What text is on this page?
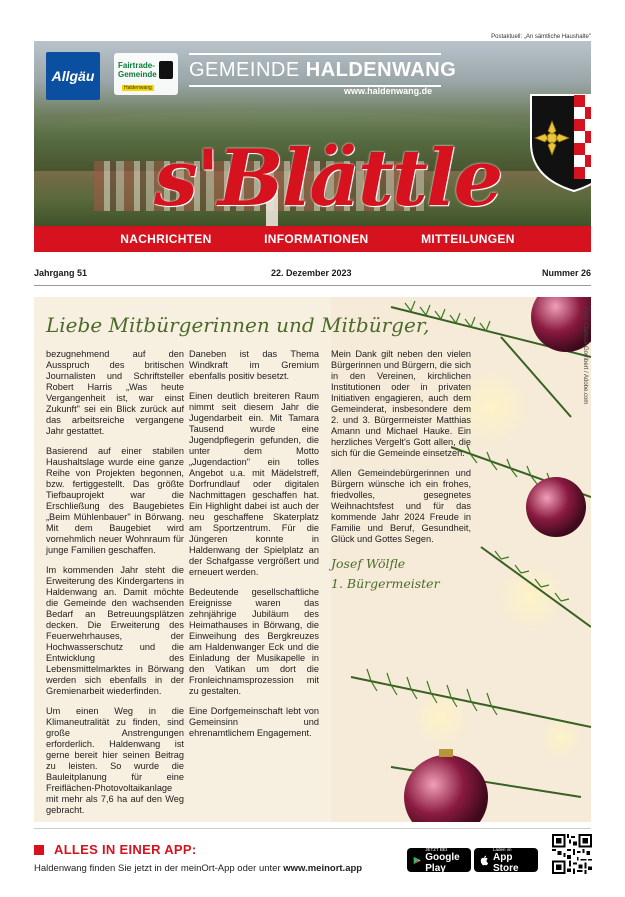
Postaktuell: „An sämtliche Haushalte"
Allgäu
Fairtrade-Gemeinde
Haldenwang
GEMEINDE HALDENWANG
www.haldenwang.de
s'Blättle
NACHRICHTEN	INFORMATIONEN	MITTEILUNGEN
Jahrgang 51	22. Dezember 2023	Nummer 26
Liebe Mitbürgerinnen und Mitbürger,	Foto: Clarissa-Gombert / Adobe.com

bezugnehmend auf den Ausspruch des britischen Journalisten und Schriftsteller Robert Harris „Was heute Vergangenheit ist, war einst Zukunft" sei ein Blick zurück auf das arbeitsreiche vergangene Jahr gestattet.

Basierend auf einer stabilen Haushaltslage wurde eine ganze Reihe von Projekten begonnen, bzw. fertiggestellt. Das größte Tiefbauprojekt war die Erschließung des Baugebietes „Beim Mühlenbauer" in Börwang. Mit dem Baugebiet wird vornehmlich neuer Wohnraum für junge Familien geschaffen.

Im kommenden Jahr steht die Erweiterung des Kindergartens in Haldenwang an. Damit möchte die Gemeinde den wachsenden Bedarf an Betreuungsplätzen decken. Die Erweiterung des Feuerwehrhauses, der Hochwasserschutz und die Entwicklung des Lebensmittelmarktes in Börwang werden sich ebenfalls in der Gremienarbeit wiederfinden.

Um einen Weg in die Klimaneutralität zu finden, sind große Anstrengungen erforderlich. Haldenwang ist gerne bereit hier seinen Beitrag zu leisten. So wurde die Bauleitplanung für eine Freiflächen-Photovoltaikanlage mit mehr als 7,6 ha auf den Weg gebracht.

Daneben ist das Thema Windkraft im Gremium ebenfalls positiv besetzt.

Einen deutlich breiteren Raum nimmt seit diesem Jahr die Jugendarbeit ein. Mit Tamara Tausend wurde eine Jugendpflegerin gefunden, die unter dem Motto „Jugendaction" ein tolles Angebot u.a. mit Mädelstreff, Dorfrundlauf oder digitalen Nachmittagen geschaffen hat. Ein Highlight dabei ist auch der neu geschaffene Skaterplatz am Sportzentrum. Für die Jüngeren konnte in Haldenwang der Spielplatz an der Schafgasse vergrößert und erneuert werden.

Bedeutende gesellschaftliche Ereignisse waren das zehnjährige Jubiläum des Heimathauses in Börwang, die Einweihung des Bergkreuzes am Haldenwanger Eck und die Einladung der Musikapelle in den Vatikan um dort die Fronleichnamsprozession mit zu gestalten.

Eine Dorfgemeinschaft lebt von Gemeinsinn und ehrenamtlichem Engagement.

Mein Dank gilt neben den vielen Bürgerinnen und Bürgern, die sich in den Vereinen, kirchlichen Institutionen oder in privaten Initiativen engagieren, auch dem Gemeinderat, insbesondere dem 2. und 3. Bürgermeister Matthias Amann und Michael Hauke. Ein herzliches Vergelt's Gott allen, die sich für die Gemeinde einsetzen.

Allen Gemeindebürgerinnen und Bürgern wünsche ich ein frohes, friedvolles, gesegnetes Weihnachtsfest und für das kommende Jahr 2024 Freude in Familie und Beruf, Gesundheit, Glück und Gottes Segen.

Josef Wölfle
1. Bürgermeister
ALLES IN EINER APP:
Haldenwang finden Sie jetzt in der meinOrt-App oder unter www.meinort.app
JETZT BEI
Google Play
Laden im
App Store
